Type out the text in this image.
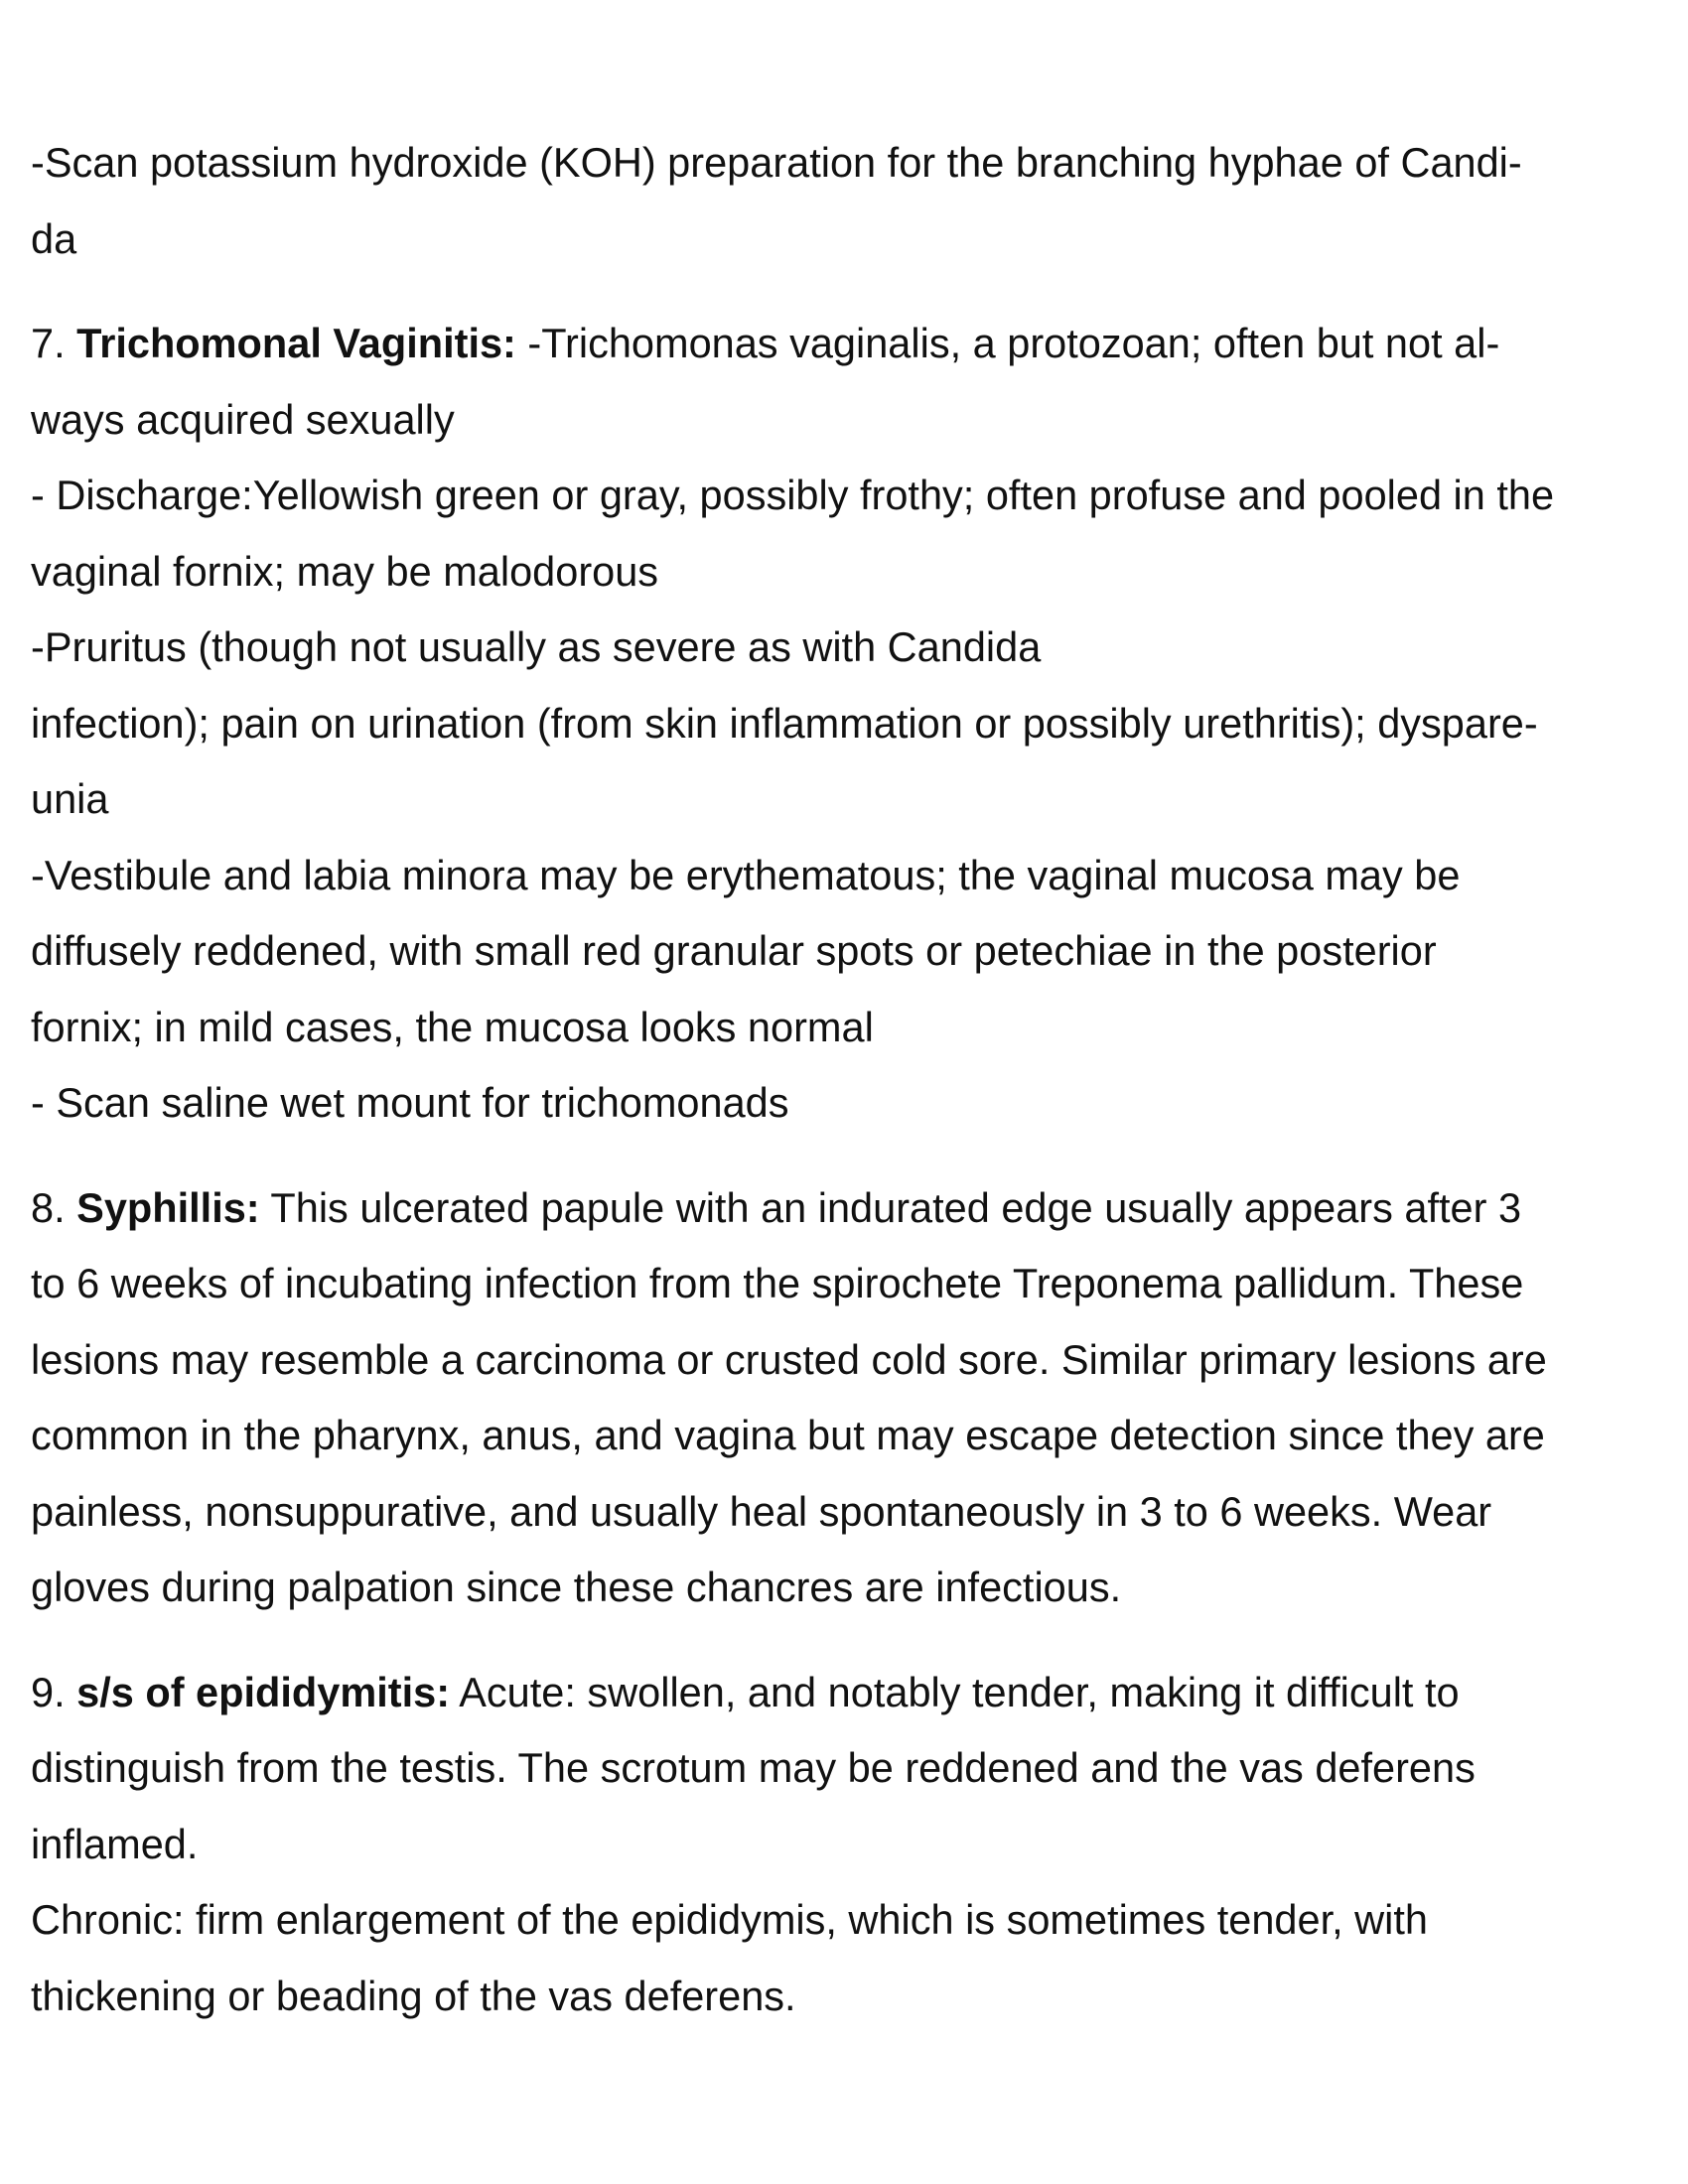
-Scan potassium hydroxide (KOH) preparation for the branching hyphae of Candi-
da
7. Trichomonal Vaginitis: -Trichomonas vaginalis, a protozoan; often but not al-
ways acquired sexually
- Discharge:Yellowish green or gray, possibly frothy; often profuse and pooled in the
vaginal fornix; may be malodorous
-Pruritus (though not usually as severe as with Candida
infection); pain on urination (from skin inflammation or possibly urethritis); dyspare-
unia
-Vestibule and labia minora may be erythematous; the vaginal mucosa may be
diffusely reddened, with small red granular spots or petechiae in the posterior
fornix; in mild cases, the mucosa looks normal
- Scan saline wet mount for trichomonads
8. Syphillis: This ulcerated papule with an indurated edge usually appears after 3
to 6 weeks of incubating infection from the spirochete Treponema pallidum. These
lesions may resemble a carcinoma or crusted cold sore. Similar primary lesions are
common in the pharynx, anus, and vagina but may escape detection since they are
painless, nonsuppurative, and usually heal spontaneously in 3 to 6 weeks. Wear
gloves during palpation since these chancres are infectious.
9. s/s of epididymitis: Acute: swollen, and notably tender, making it difficult to
distinguish from the testis. The scrotum may be reddened and the vas deferens
inflamed.
Chronic: firm enlargement of the epididymis, which is sometimes tender, with
thickening or beading of the vas deferens.
